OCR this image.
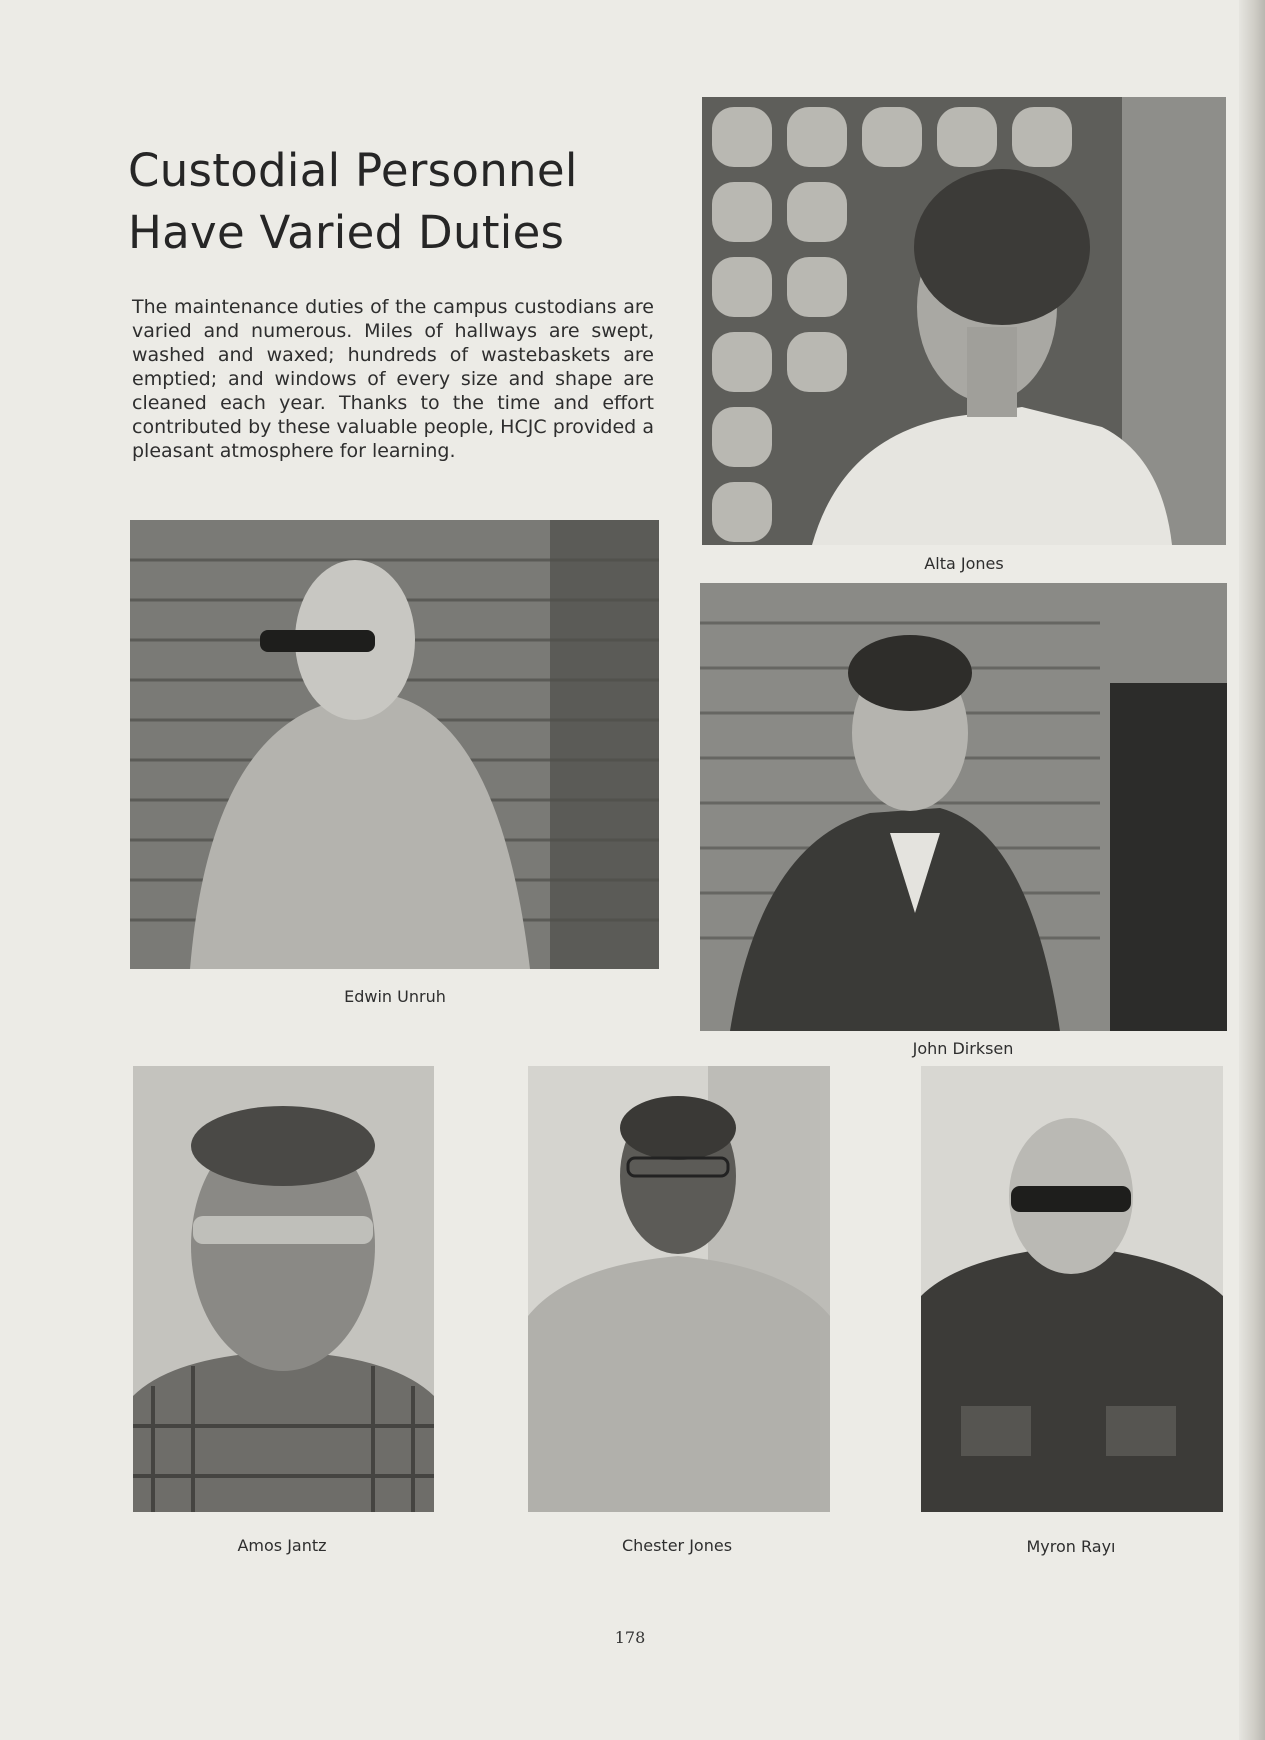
Custodial Personnel
Have Varied Duties

The maintenance duties of the campus custodians are varied and numerous. Miles of hallways are swept, washed and waxed; hundreds of wastebaskets are emptied; and windows of every size and shape are cleaned each year. Thanks to the time and effort contributed by these valuable people, HCJC provided a pleasant atmosphere for learning.

Alta Jones

Edwin Unruh

John Dirksen

Amos Jantz	Chester Jones	Myron Rayı

178
